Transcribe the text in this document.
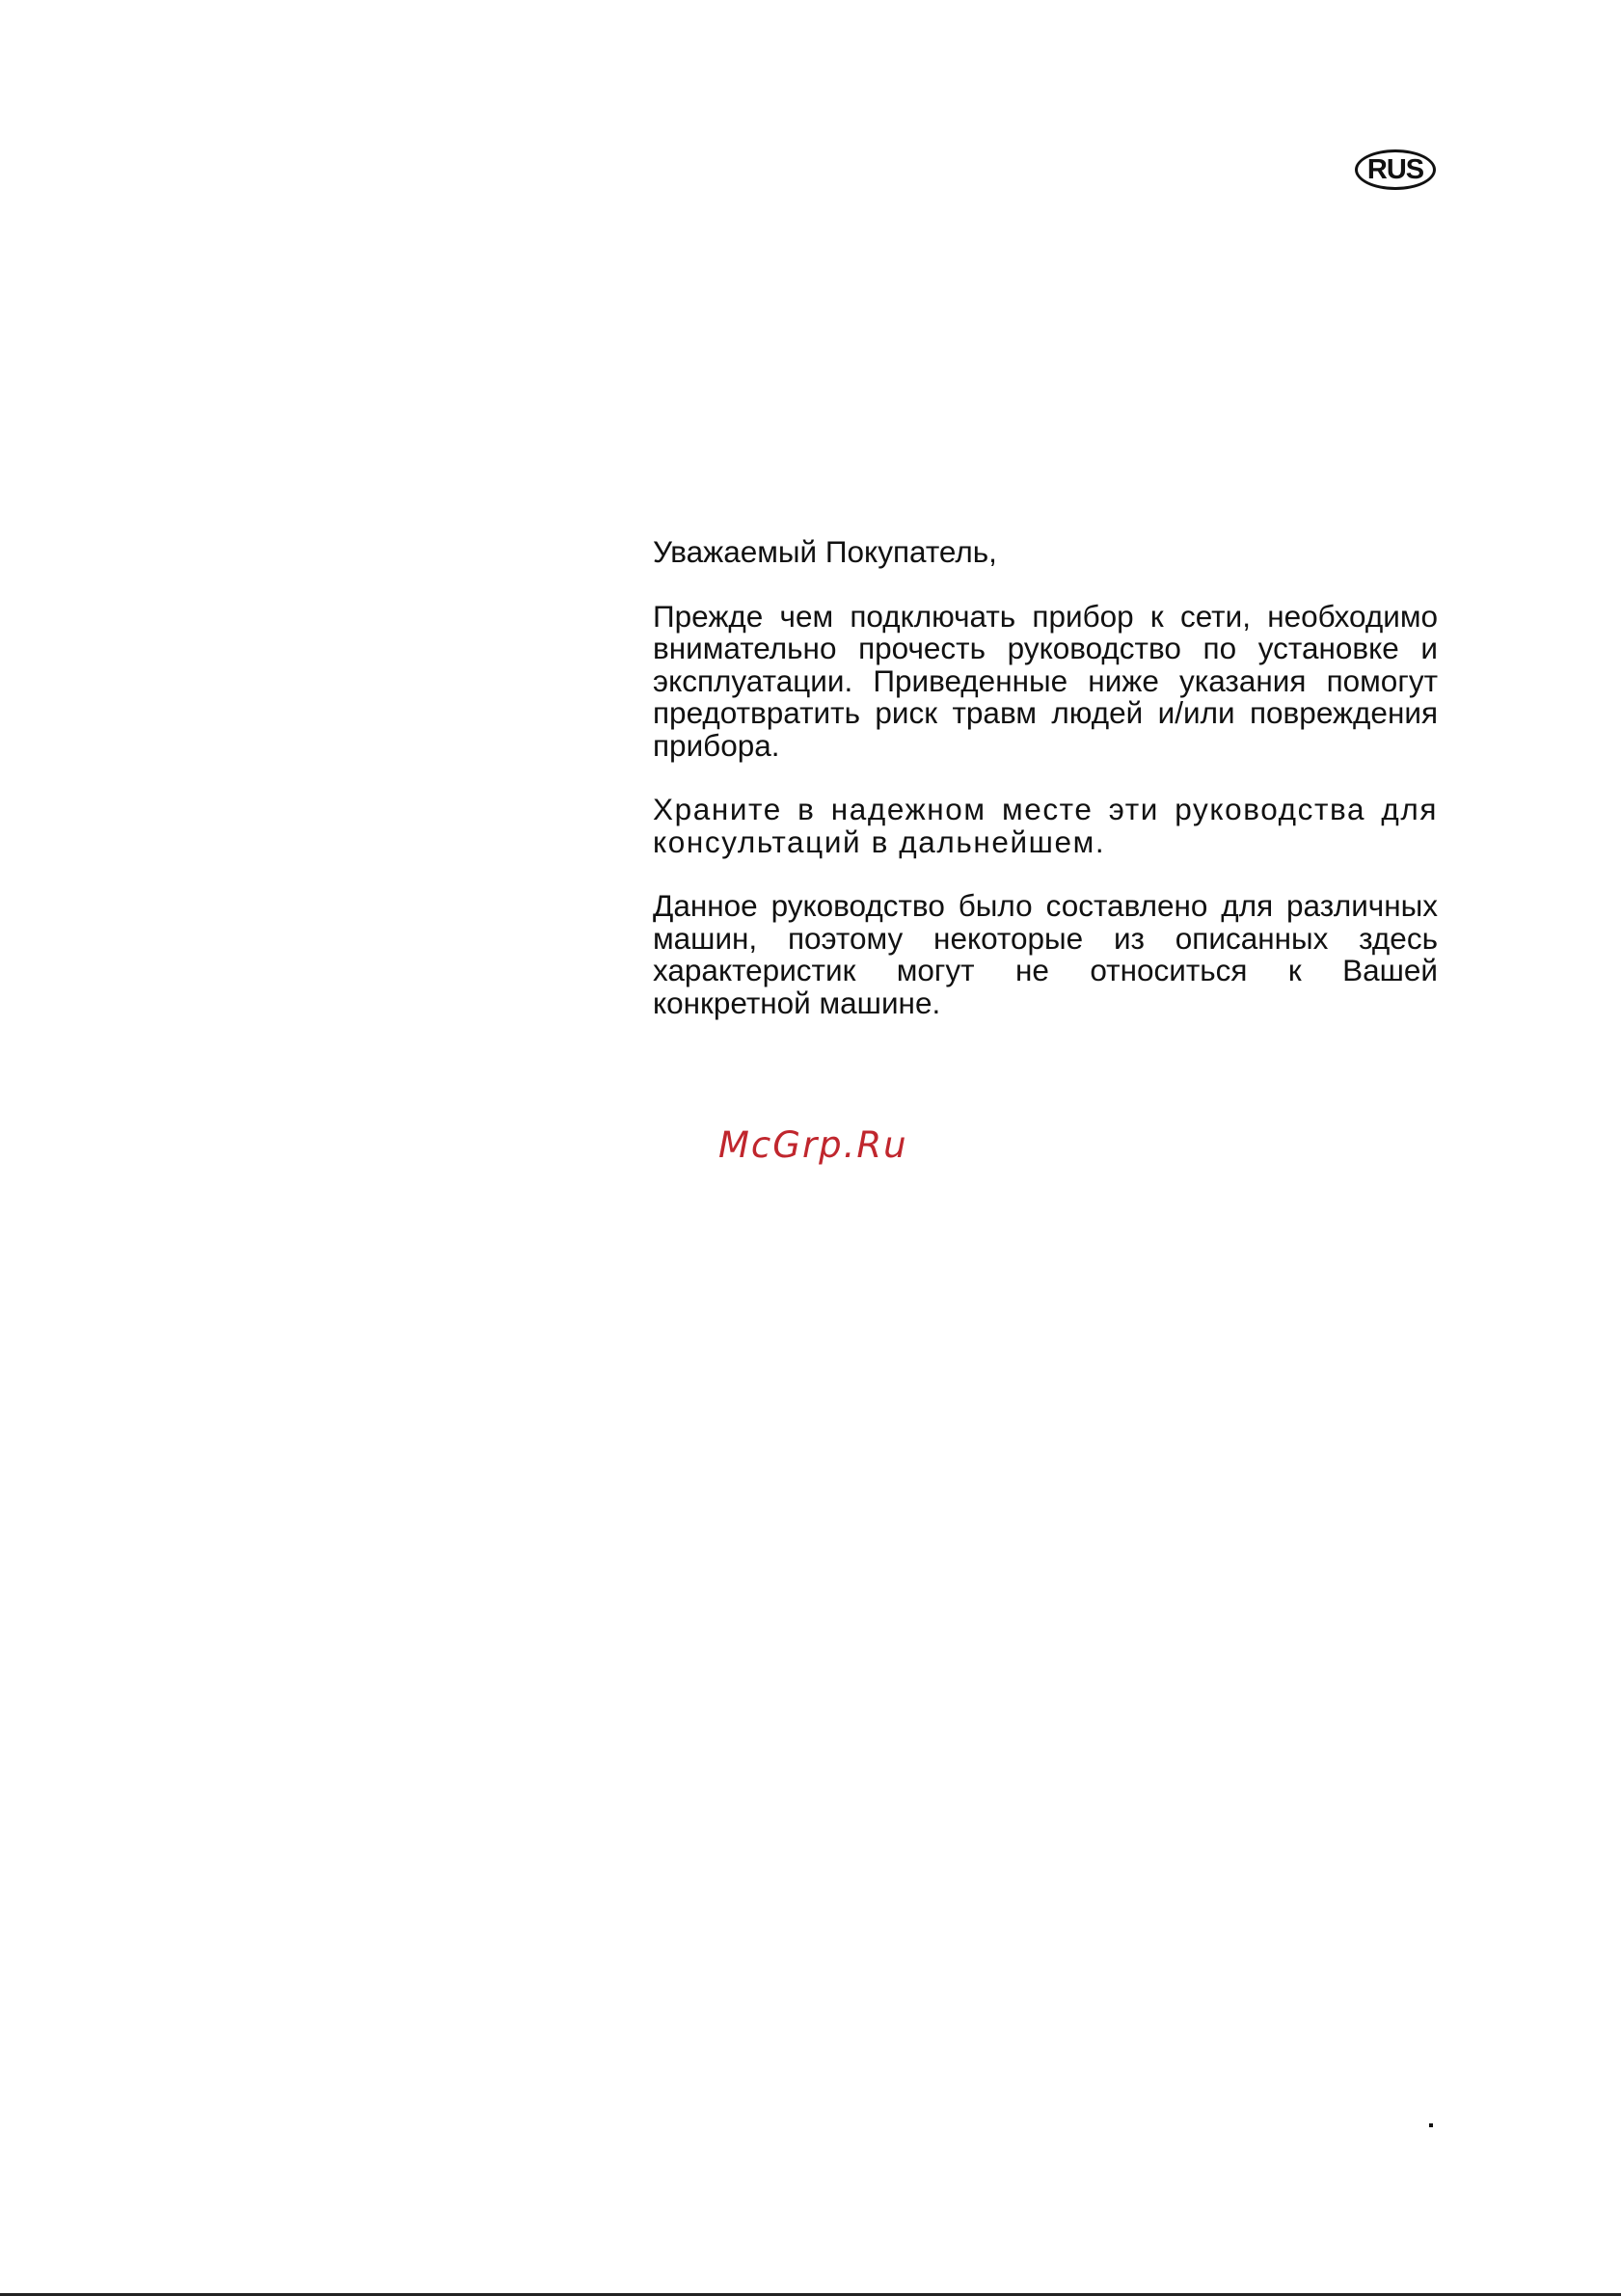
RUS

Уважаемый Покупатель,

Прежде чем подключать прибор к сети, необходимо внимательно прочесть руководство по установке и эксплуатации. Приведенные ниже указания помогут предотвратить риск травм людей и/или повреждения прибора.

Храните в надежном месте эти руководства для консультаций в дальнейшем.

Данное руководство было составлено для различных машин, поэтому некоторые из описанных здесь характеристик могут не относиться к Вашей конкретной машине.

McGrp.Ru
